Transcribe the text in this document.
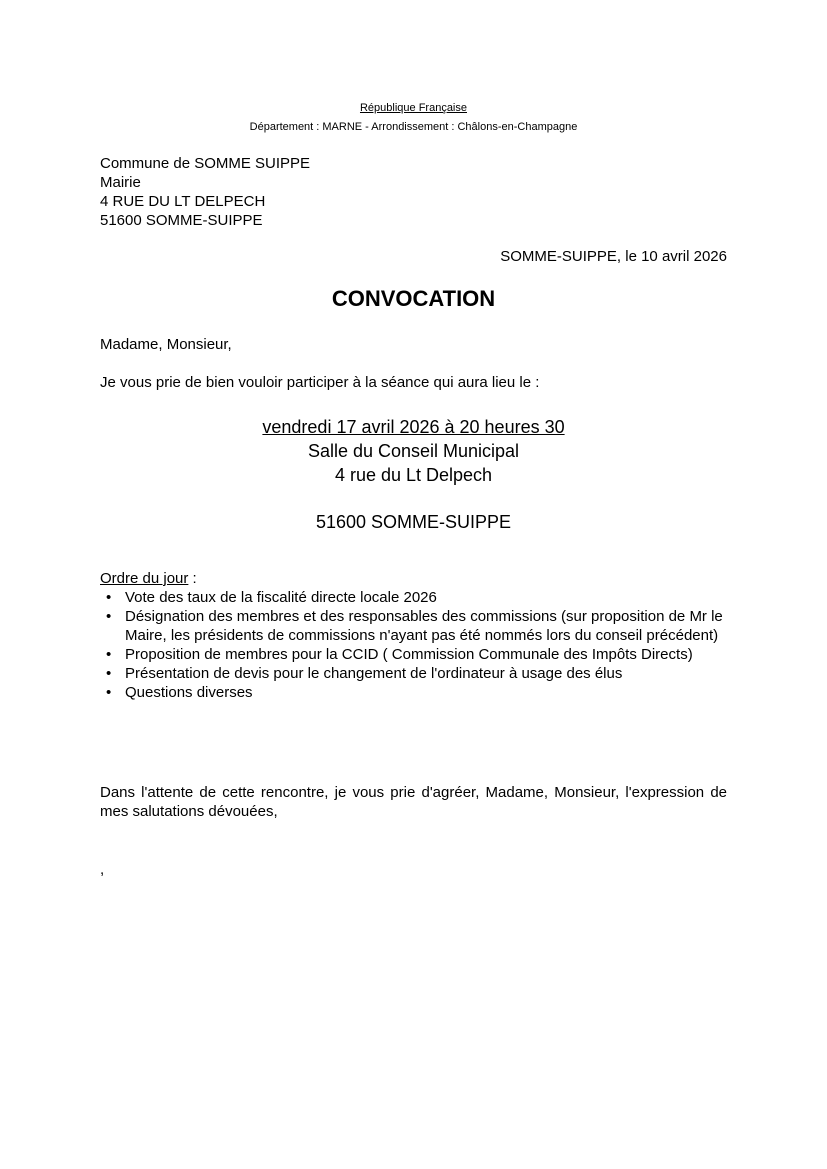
République Française
Département : MARNE - Arrondissement : Châlons-en-Champagne
Commune de SOMME SUIPPE
Mairie
4 RUE DU LT DELPECH
51600 SOMME-SUIPPE
SOMME-SUIPPE, le 10 avril 2026
CONVOCATION
Madame, Monsieur,
Je vous prie de bien vouloir participer à la séance qui aura lieu le :
vendredi 17 avril 2026 à 20 heures 30
Salle du Conseil Municipal
4 rue du Lt Delpech
51600 SOMME-SUIPPE
Ordre du jour :
• Vote des taux de la fiscalité directe locale 2026
• Désignation des membres et des responsables des commissions (sur proposition de Mr le Maire, les présidents de commissions n'ayant pas été nommés lors du conseil précédent)
• Proposition de membres pour la CCID ( Commission Communale des Impôts Directs)
• Présentation de devis pour le changement de l'ordinateur à usage des élus
• Questions diverses
Dans l'attente de cette rencontre, je vous prie d'agréer, Madame, Monsieur, l'expression de mes salutations dévouées,
,
